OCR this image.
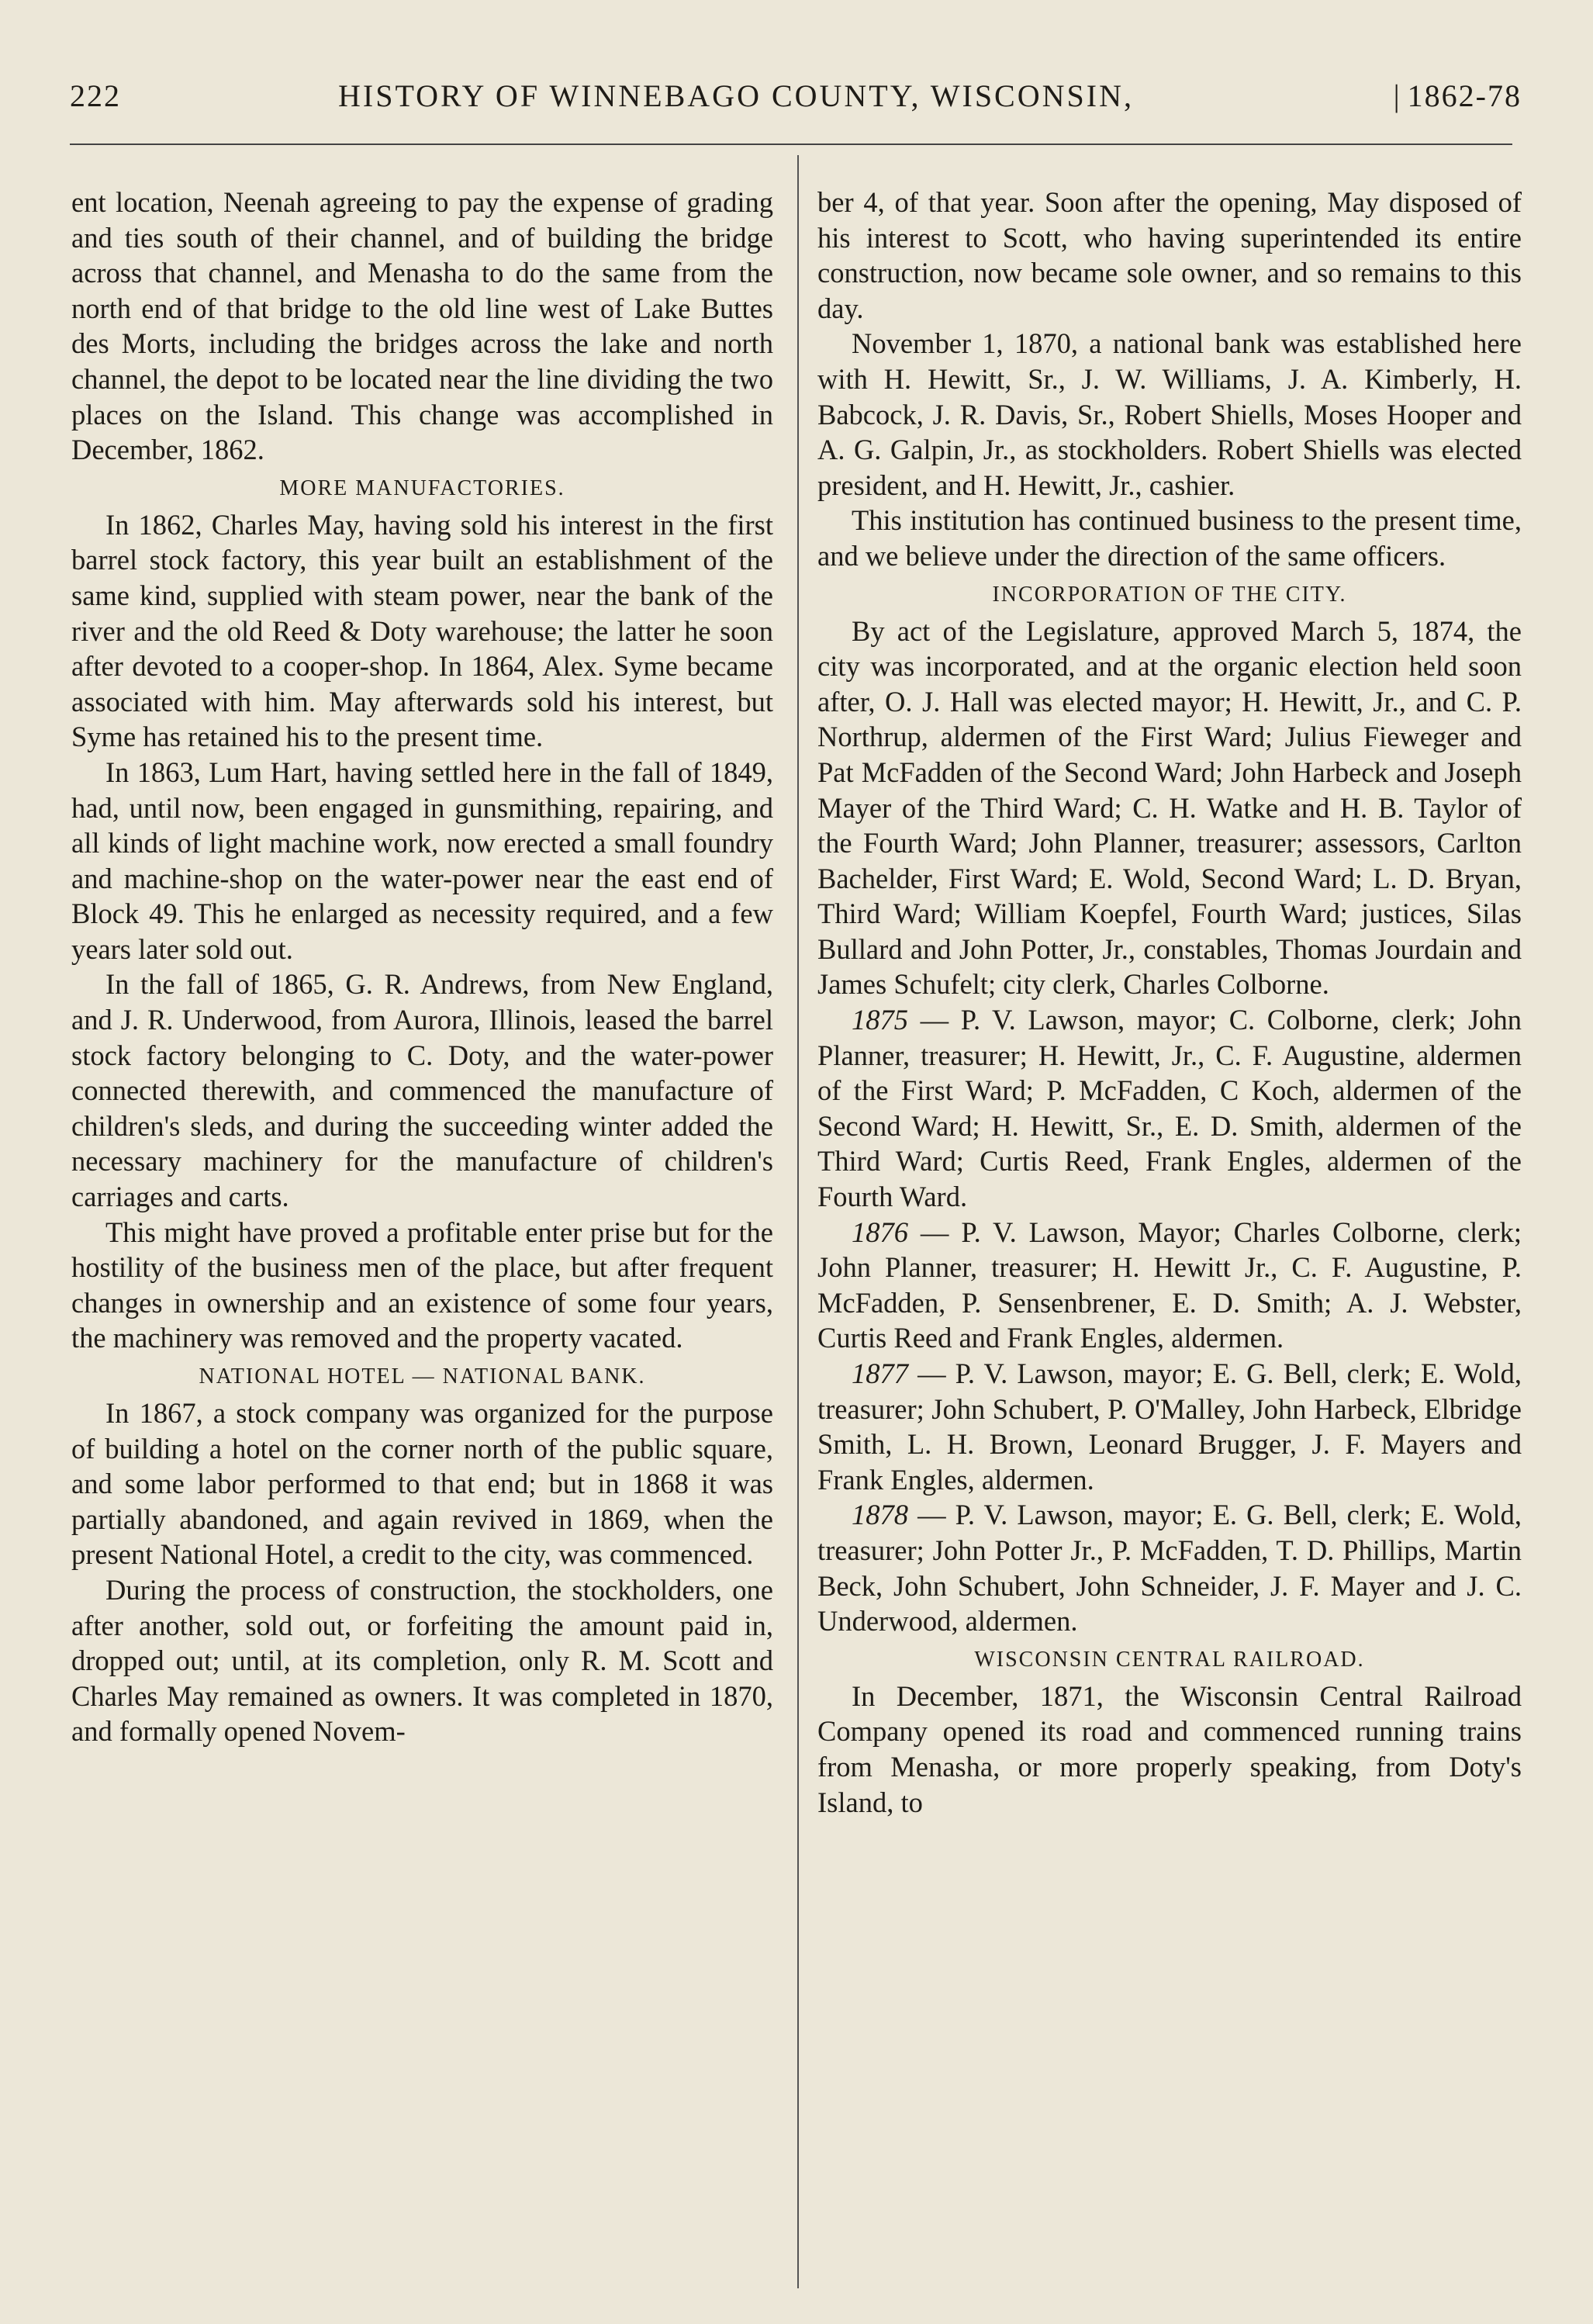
222	HISTORY OF WINNEBAGO COUNTY, WISCONSIN,
|	1862-78

ent location, Neenah agreeing to pay the expense of grading and ties south of their channel, and of building the bridge across that channel, and Menasha to do the same from the north end of that bridge to the old line west of Lake Buttes des Morts, including the bridges across the lake and north channel, the depot to be located near the line dividing the two places on the Island. This change was accomplished in December, 1862.

MORE MANUFACTORIES.

In 1862, Charles May, having sold his interest in the first barrel stock factory, this year built an establishment of the same kind, supplied with steam power, near the bank of the river and the old Reed & Doty warehouse; the latter he soon after devoted to a cooper-shop. In 1864, Alex. Syme became associated with him. May afterwards sold his interest, but Syme has retained his to the present time.

In 1863, Lum Hart, having settled here in the fall of 1849, had, until now, been engaged in gunsmithing, repairing, and all kinds of light machine work, now erected a small foundry and machine-shop on the water-power near the east end of Block 49. This he enlarged as necessity required, and a few years later sold out.

In the fall of 1865, G. R. Andrews, from New England, and J. R. Underwood, from Aurora, Illinois, leased the barrel stock factory belonging to C. Doty, and the water-power connected therewith, and commenced the manufacture of children's sleds, and during the succeeding winter added the necessary machinery for the manufacture of children's carriages and carts.

This might have proved a profitable enter prise but for the hostility of the business men of the place, but after frequent changes in ownership and an existence of some four years, the machinery was removed and the property vacated.

NATIONAL HOTEL — NATIONAL BANK.

In 1867, a stock company was organized for the purpose of building a hotel on the corner north of the public square, and some labor performed to that end; but in 1868 it was partially abandoned, and again revived in 1869, when the present National Hotel, a credit to the city, was commenced.

During the process of construction, the stockholders, one after another, sold out, or forfeiting the amount paid in, dropped out; until, at its completion, only R. M. Scott and Charles May remained as owners. It was completed in 1870, and formally opened Novem-

ber 4, of that year. Soon after the opening, May disposed of his interest to Scott, who having superintended its entire construction, now became sole owner, and so remains to this day.

November 1, 1870, a national bank was established here with H. Hewitt, Sr., J. W. Williams, J. A. Kimberly, H. Babcock, J. R. Davis, Sr., Robert Shiells, Moses Hooper and A. G. Galpin, Jr., as stockholders. Robert Shiells was elected president, and H. Hewitt, Jr., cashier.

This institution has continued business to the present time, and we believe under the direction of the same officers.

INCORPORATION OF THE CITY.

By act of the Legislature, approved March 5, 1874, the city was incorporated, and at the organic election held soon after, O. J. Hall was elected mayor; H. Hewitt, Jr., and C. P. Northrup, aldermen of the First Ward; Julius Fieweger and Pat McFadden of the Second Ward; John Harbeck and Joseph Mayer of the Third Ward; C. H. Watke and H. B. Taylor of the Fourth Ward; John Planner, treasurer; assessors, Carlton Bachelder, First Ward; E. Wold, Second Ward; L. D. Bryan, Third Ward; William Koepfel, Fourth Ward; justices, Silas Bullard and John Potter, Jr., constables, Thomas Jourdain and James Schufelt; city clerk, Charles Colborne.

1875 — P. V. Lawson, mayor; C. Colborne, clerk; John Planner, treasurer; H. Hewitt, Jr., C. F. Augustine, aldermen of the First Ward; P. McFadden, C Koch, aldermen of the Second Ward; H. Hewitt, Sr., E. D. Smith, aldermen of the Third Ward; Curtis Reed, Frank Engles, aldermen of the Fourth Ward.

1876 — P. V. Lawson, Mayor; Charles Colborne, clerk; John Planner, treasurer; H. Hewitt Jr., C. F. Augustine, P. McFadden, P. Sensenbrener, E. D. Smith; A. J. Webster, Curtis Reed and Frank Engles, aldermen.

1877 — P. V. Lawson, mayor; E. G. Bell, clerk; E. Wold, treasurer; John Schubert, P. O'Malley, John Harbeck, Elbridge Smith, L. H. Brown, Leonard Brugger, J. F. Mayers and Frank Engles, aldermen.

1878 — P. V. Lawson, mayor; E. G. Bell, clerk; E. Wold, treasurer; John Potter Jr., P. McFadden, T. D. Phillips, Martin Beck, John Schubert, John Schneider, J. F. Mayer and J. C. Underwood, aldermen.

WISCONSIN CENTRAL RAILROAD.

In December, 1871, the Wisconsin Central Railroad Company opened its road and commenced running trains from Menasha, or more properly speaking, from Doty's Island, to
